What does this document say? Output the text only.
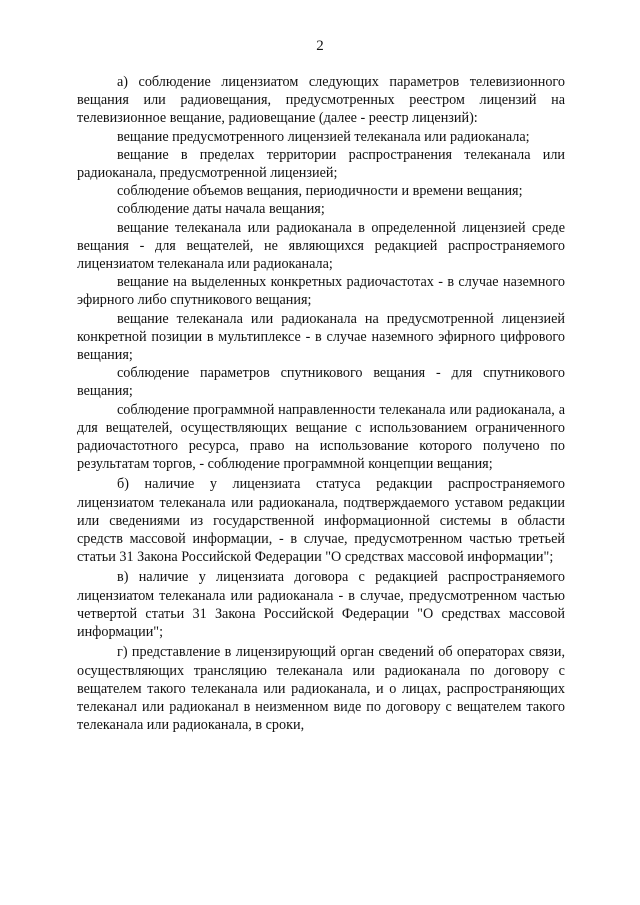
2

а) соблюдение лицензиатом следующих параметров телевизионного вещания или радиовещания, предусмотренных реестром лицензий на телевизионное вещание, радиовещание (далее - реестр лицензий):

вещание предусмотренного лицензией телеканала или радиоканала;

вещание в пределах территории распространения телеканала или радиоканала, предусмотренной лицензией;

соблюдение объемов вещания, периодичности и времени вещания;

соблюдение даты начала вещания;

вещание телеканала или радиоканала в определенной лицензией среде вещания - для вещателей, не являющихся редакцией распространяемого лицензиатом телеканала или радиоканала;

вещание на выделенных конкретных радиочастотах - в случае наземного эфирного либо спутникового вещания;

вещание телеканала или радиоканала на предусмотренной лицензией конкретной позиции в мультиплексе - в случае наземного эфирного цифрового вещания;

соблюдение параметров спутникового вещания - для спутникового вещания;

соблюдение программной направленности телеканала или радиоканала, а для вещателей, осуществляющих вещание с использованием ограниченного радиочастотного ресурса, право на использование которого получено по результатам торгов, - соблюдение программной концепции вещания;

б) наличие у лицензиата статуса редакции распространяемого лицензиатом телеканала или радиоканала, подтверждаемого уставом редакции или сведениями из государственной информационной системы в области средств массовой информации, - в случае, предусмотренном частью третьей статьи 31 Закона Российской Федерации "О средствах массовой информации";

в) наличие у лицензиата договора с редакцией распространяемого лицензиатом телеканала или радиоканала - в случае, предусмотренном частью четвертой статьи 31 Закона Российской Федерации "О средствах массовой информации";

г) представление в лицензирующий орган сведений об операторах связи, осуществляющих трансляцию телеканала или радиоканала по договору с вещателем такого телеканала или радиоканала, и о лицах, распространяющих телеканал или радиоканал в неизменном виде по договору с вещателем такого телеканала или радиоканала, в сроки,
